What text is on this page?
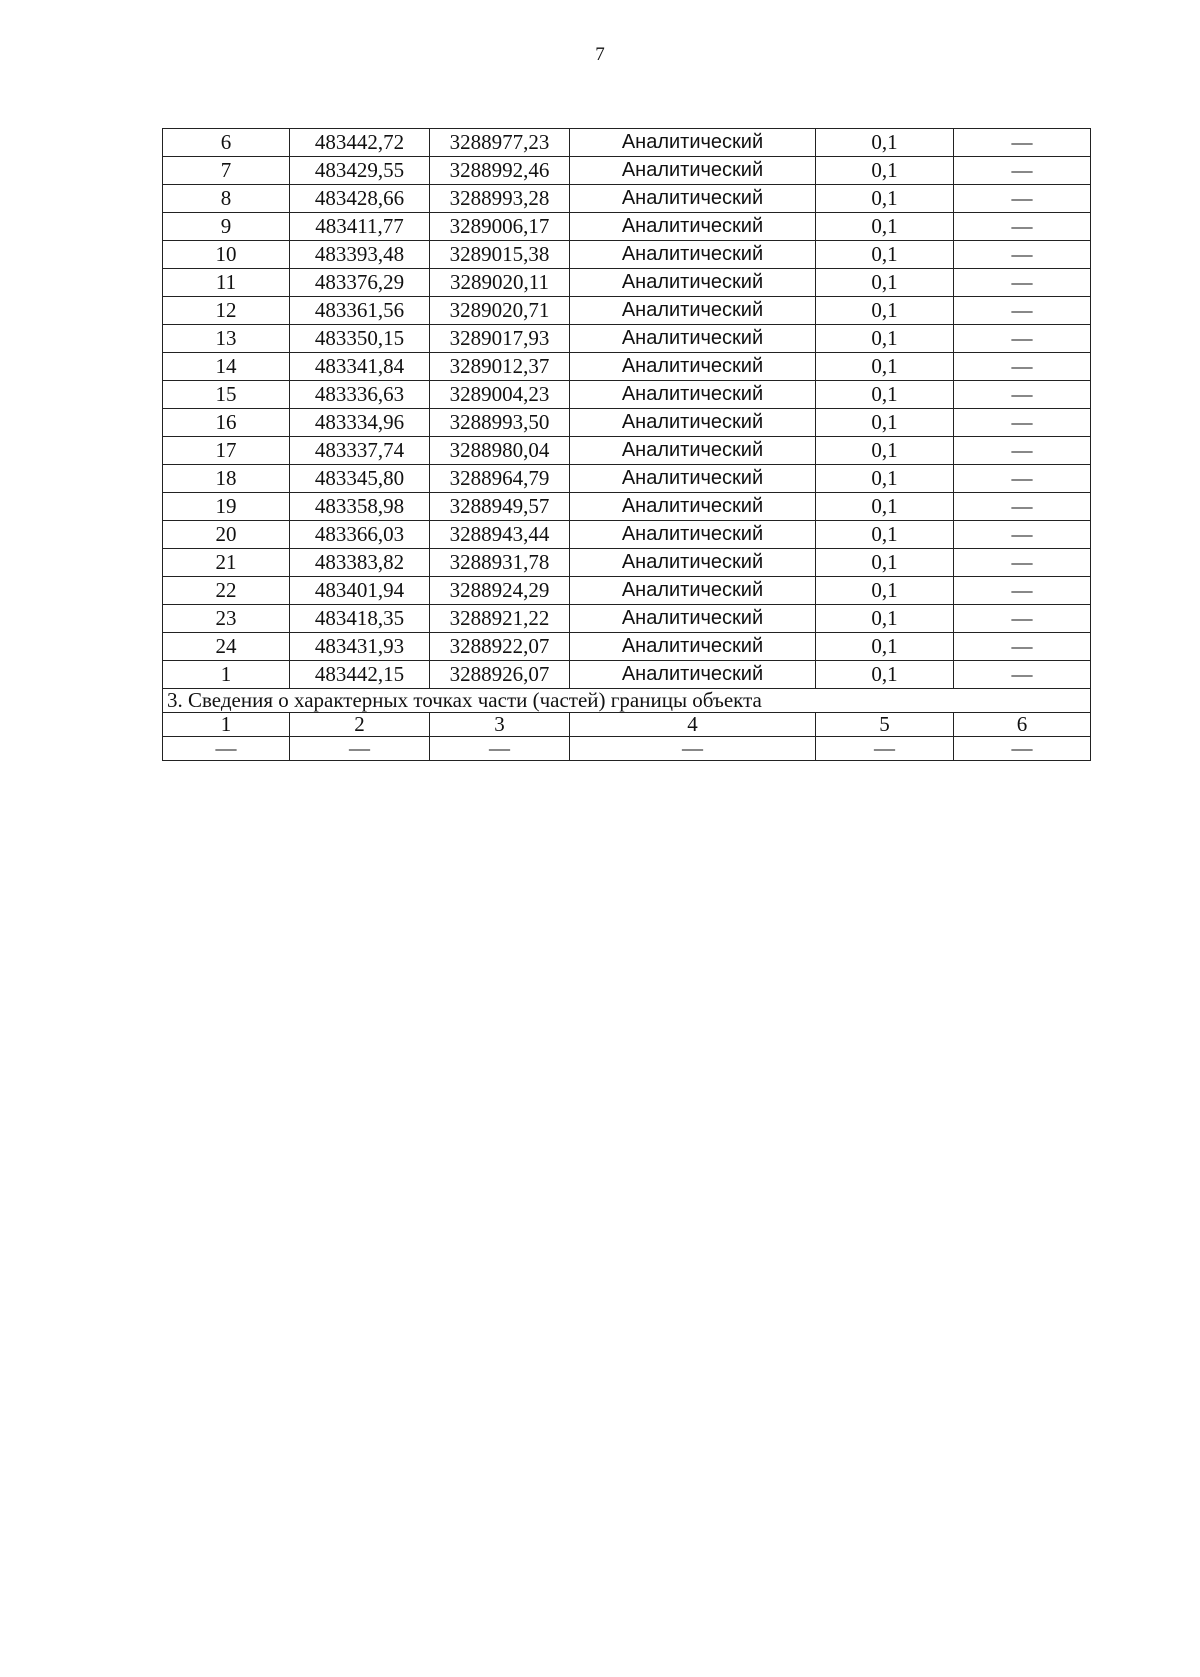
7
6	483442,72	3288977,23	Аналитический	0,1	—
7	483429,55	3288992,46	Аналитический	0,1	—
8	483428,66	3288993,28	Аналитический	0,1	—
9	483411,77	3289006,17	Аналитический	0,1	—
10	483393,48	3289015,38	Аналитический	0,1	—
11	483376,29	3289020,11	Аналитический	0,1	—
12	483361,56	3289020,71	Аналитический	0,1	—
13	483350,15	3289017,93	Аналитический	0,1	—
14	483341,84	3289012,37	Аналитический	0,1	—
15	483336,63	3289004,23	Аналитический	0,1	—
16	483334,96	3288993,50	Аналитический	0,1	—
17	483337,74	3288980,04	Аналитический	0,1	—
18	483345,80	3288964,79	Аналитический	0,1	—
19	483358,98	3288949,57	Аналитический	0,1	—
20	483366,03	3288943,44	Аналитический	0,1	—
21	483383,82	3288931,78	Аналитический	0,1	—
22	483401,94	3288924,29	Аналитический	0,1	—
23	483418,35	3288921,22	Аналитический	0,1	—
24	483431,93	3288922,07	Аналитический	0,1	—
1	483442,15	3288926,07	Аналитический	0,1	—
3. Сведения о характерных точках части (частей) границы объекта					
1	2	3	4	5	6
—	—	—	—	—	—
